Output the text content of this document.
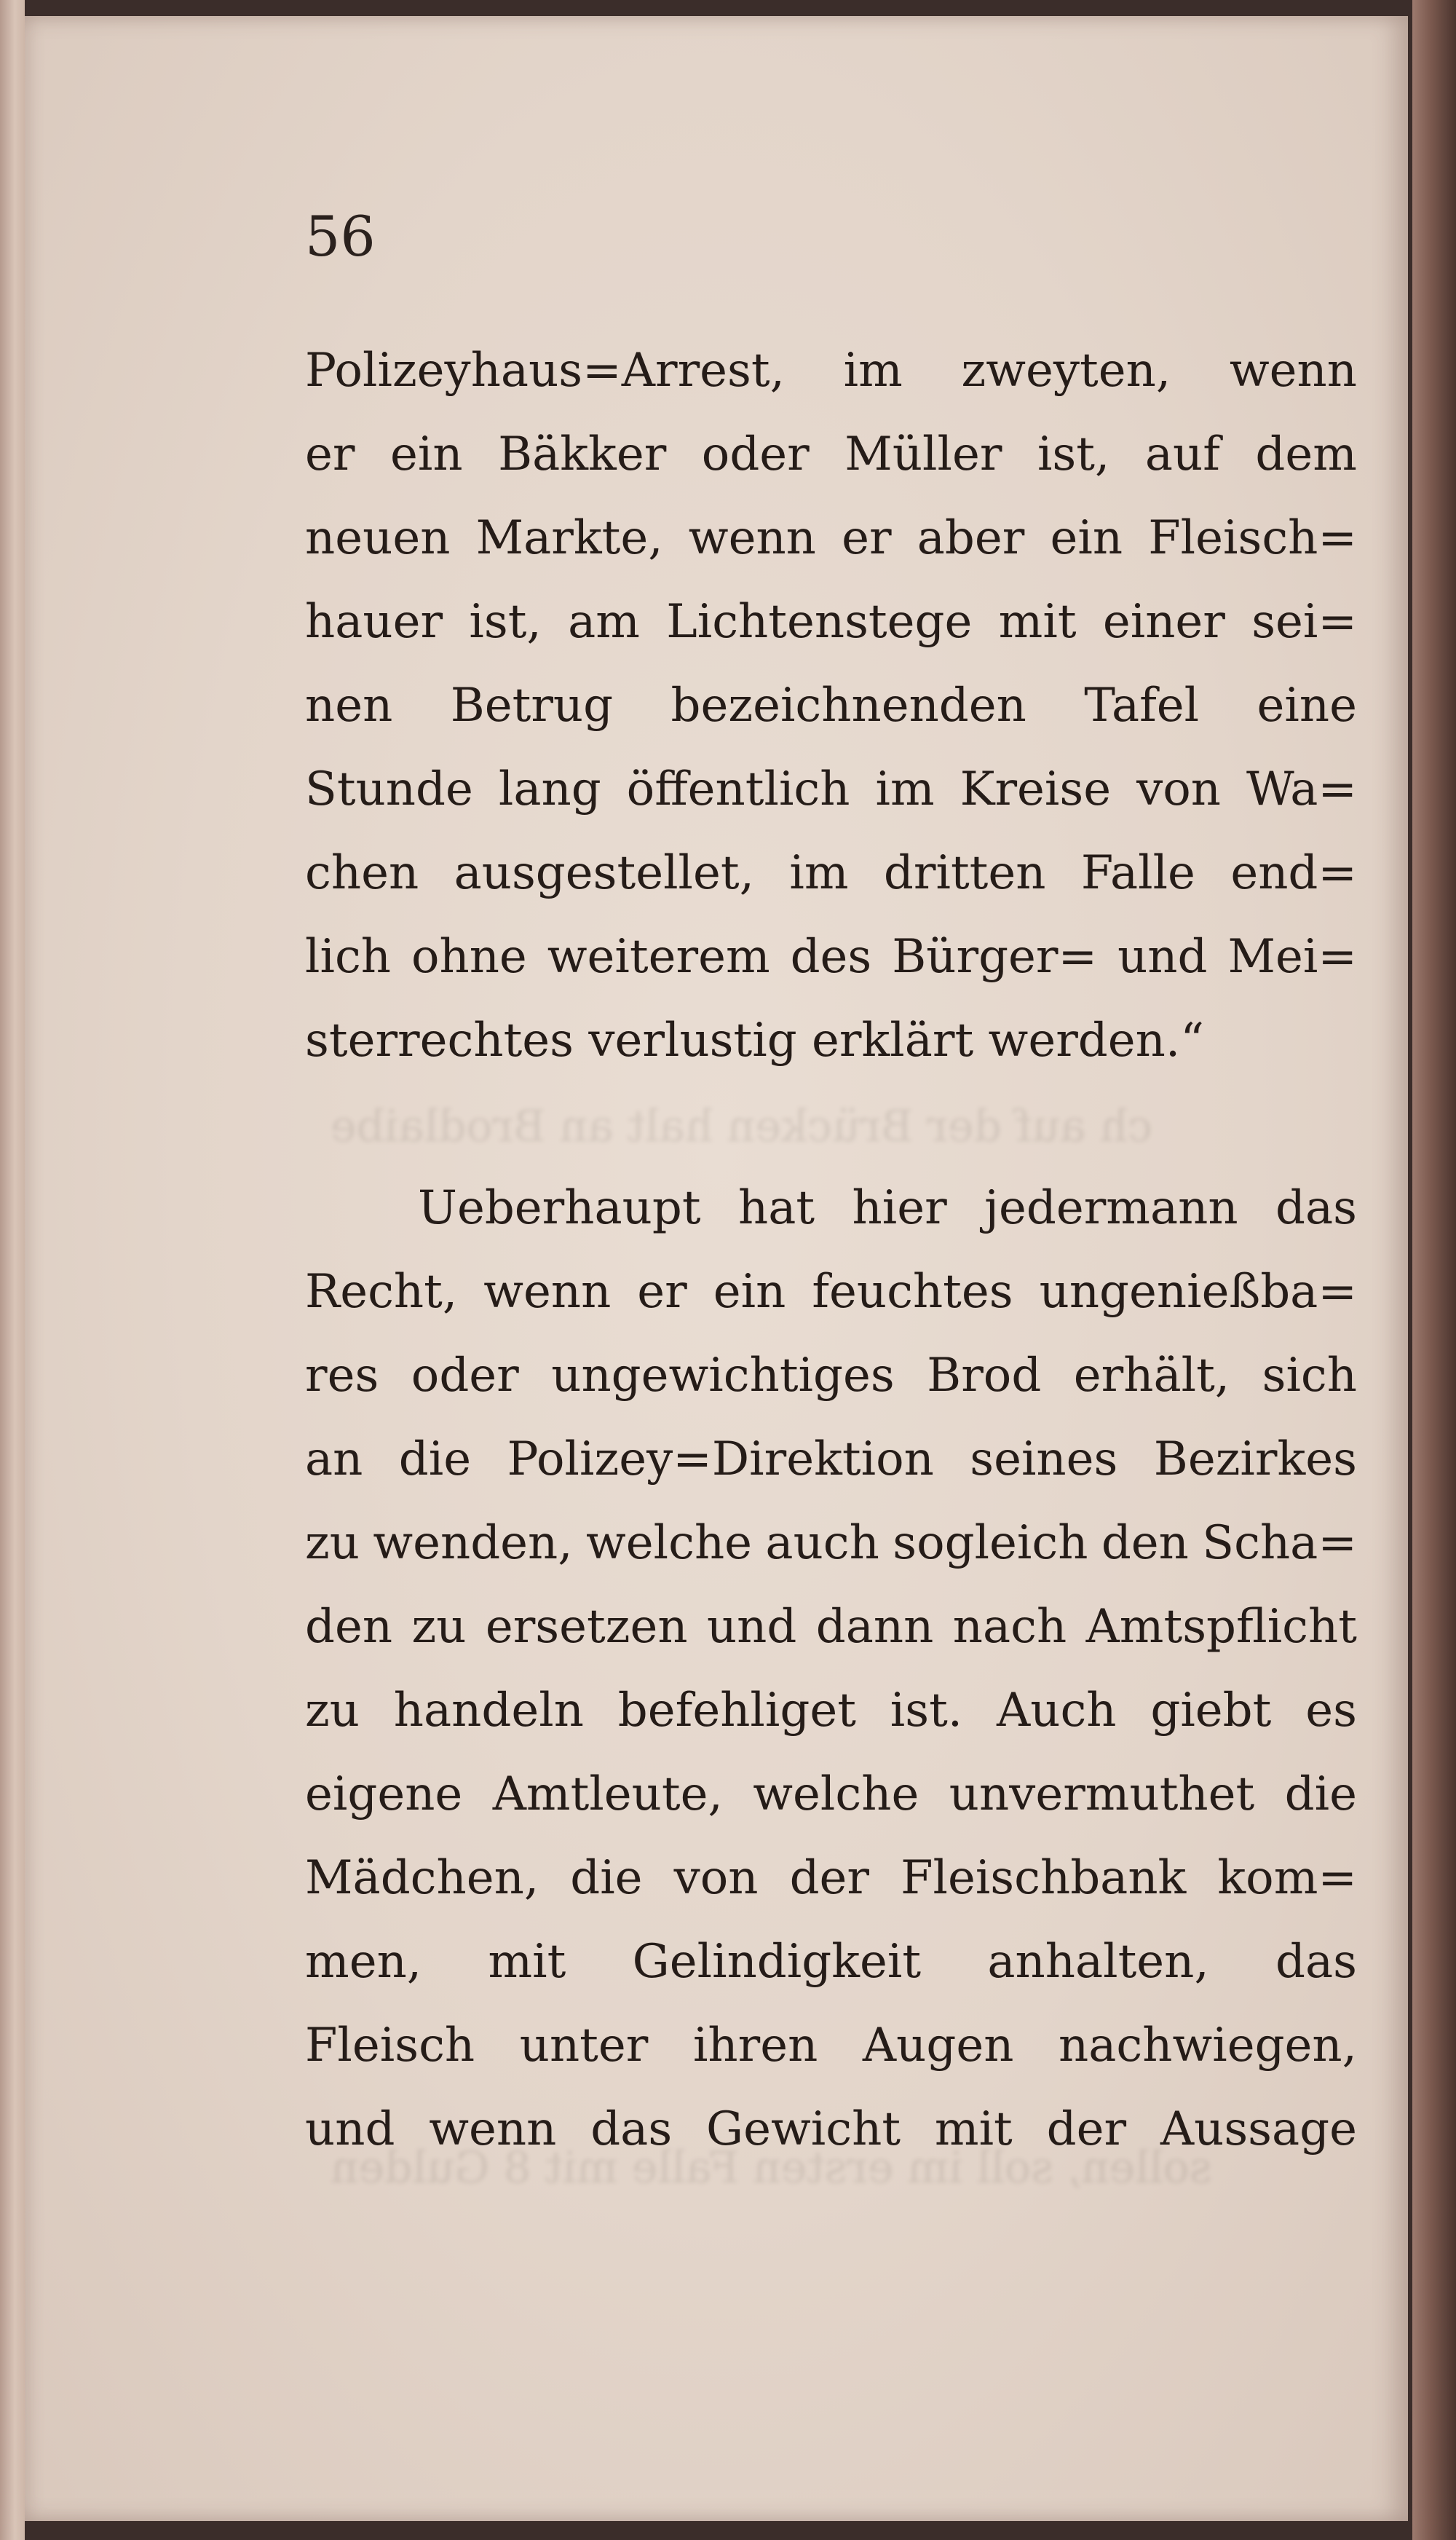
ch auf der Brücken halt an Brodlaibe
sollen, soll im ersten Falle mit 8 Gulden

56

Polizeyhaus=Arrest, im zweyten, wenn
er ein Bäkker oder Müller ist, auf dem
neuen Markte, wenn er aber ein Fleisch=
hauer ist, am Lichtenstege mit einer sei=
nen Betrug bezeichnenden Tafel eine
Stunde lang öffentlich im Kreise von Wa=
chen ausgestellet, im dritten Falle end=
lich ohne weiterem des Bürger= und Mei=
sterrechtes verlustig erklärt werden.“
Ueberhaupt hat hier jedermann das
Recht, wenn er ein feuchtes ungenießba=
res oder ungewichtiges Brod erhält, sich
an die Polizey=Direktion seines Bezirkes
zu wenden, welche auch sogleich den Scha=
den zu ersetzen und dann nach Amtspflicht
zu handeln befehliget ist. Auch giebt es
eigene Amtleute, welche unvermuthet die
Mädchen, die von der Fleischbank kom=
men, mit Gelindigkeit anhalten, das
Fleisch unter ihren Augen nachwiegen,
und wenn das Gewicht mit der Aussage
